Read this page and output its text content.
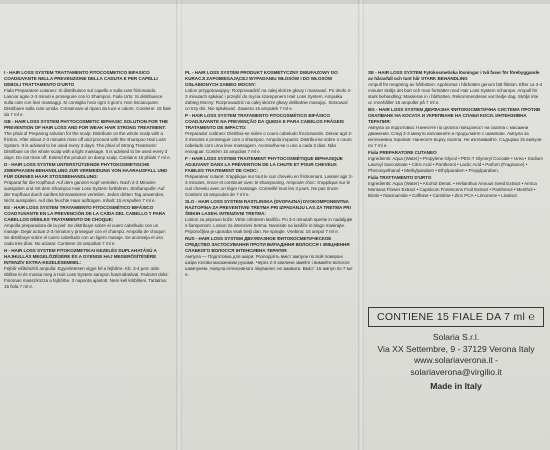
I - HAIR LOSS SYSTEM TRATTAMENTO FITOCOSMETICO BIFASICO COADIUVANTE NELLA PREVENZIONE DELLA CADUTA E PER CAPELLI DEBOLI TRATTAMENTO D'URTO
Fiala Preparatore cutaneo: Si distribuisce sul capello e sulla cute frizionando. Lasciar agire 2-3 minuti e proseguire con lo Shampoo. Fiala Urto: Si distribuisce sulla cute con lievi massaggi. Si consiglia l'uso ogni 3 giorni. Non risciacquare. Distribuire sulla cute umida. Conservare al riparo da luce e calore. Contiene: 15 fiale da 7 ml e.
GB - HAIR LOSS SYSTEM PHYTOCOSMETIC BIPHASIC SOLUTION FOR THE PREVENTION OF HAIR LOSS AND FOR WEAK HAIR STRONG TREATMENT:
The phial of Preparing solution for the scalp: Distribute on the whole scalp with a friction. After about 2-3 minutes rinse off and proceed with the shampoo Hair Loss System. It is advised to be used every 3 days. The phial of Strong Treatment: Distribute on the whole scalp with a light massage. It is advised to be used every 3 days. Do not rinse off. Extend the product on damp scalp. Contains 15 phials 7 ml e.
D - HAIR LOSS SYSTEM UNTERSTÜTZENDE PHYTOKOSMETISCHE ZWEIPHASEN-BEHANDLUNG ZUR VERMEIDUNG VON HAARAUSFALL UND FÜR DÜNNES HAAR STOSSBEHANDLUNG:
Präparat für die Kopfhaut: Auf dem ganzen Kopf verteilen. Nach 2-3 Minuten ausspülen und mit dem Shampoo Hair Loss System fortfahren. Stoßampulle: Auf der Kopfhaut durch sanftes Einmassieren verteilen. Jeden dritten Tag anwenden. Nicht ausspülen. Auf das feuchte Haar auftragen. Inhalt: 15 Ampullen 7 ml e.
ES - HAIR LOSS SYSTEM TRATAMIENTO FITOCOSMÉTICO BIFÁSICO COADYUVANTE EN LA PREVENCIÓN DE LA CAÍDA DEL CABELLO Y PARA CABELLOS DÉBILES TRATAMIENTO DE CHOQUE:
Ampolla preparadora de la piel: Se distribuye sobre el cuero cabelludo con un masaje. Dejar actuar 2-3 minutos y proseguir con el champú. Ampolla de choque: Se distribuye sobre el cuero cabelludo con un ligero masaje. Se aconseja el uso cada tres días. No aclarar. Contiene 15 ampollas 7 ml e.
H - HAIR LOSS SYSTEM FITOKOZMETIKAI KEZELÉS DUPLAHATÁSÚ A HAJHULLÁS MEGELŐZÉSÉRE ÉS A GYENGE HAJ MEGERŐSÍTÉSÉRE INTENZÍV EXTRA-KEZELÉSEMMEL:
Fejbőr előkészítő ampulla: Egyenletesen vigye fel a fejbőrre. Kb. 3-4 perc után öblítse ki és mossa meg a Hair Loss System sampon használatával. Fedezet dolis: Finoman masszírozza a fejbőrbe. 3 naponta ajánlott. Nem kell kiöblíteni. Tartalma: 15 fiola 7 ml e.
PL - HAIR LOSS SYSTEM PRODUKT KOSMETYCZNY DWUFAZOWY DO KURACJI ZAPOBIEGAJĄCEJ WYPADANIU WŁOSÓW I DO WŁOSÓW OSŁABIONYCH ZABIEG MOCNY:
Lotion przygotowujący: Rozprowadzić na całej skórze głowy i masować. Po około 2-3 minutach spłukać i przejść do mycia szamponem Hair Loss System. Ampułka Zabieg Mocny: Rozprowadzić na całej skórze głowy delikatnie masując. Stosować co trzy dni. Nie spłukiwać. Zawiera 15 ampułek 7 ml e.
P - HAIR LOSS SYSTEM TRATAMENTO FITOCOSMÉTICO BIFÁSICO COADJUVANTE NA PREVENÇÃO DA QUEDA E PARA CABELOS FRÁGEIS TRATAMENTO DE IMPACTO:
Preparador cutâneo: Distribui-se sobre o couro cabeludo friccionando. Deixar agir 2-3 minutos e prosseguir com o shampoo. Ampola impacto: Distribui-se sobre o couro cabeludo com uma leve massagem. Aconselha-se o uso a cada 3 dias. Não enxaguar. Contém 15 ampolas 7 ml e.
F - HAIR LOSS SYSTEM TRAITEMENT PHYTOCOSMÉTIQUE BIPHASIQUE ADJUVANT DANS LA PRÉVENTION DE LA CHUTE ET POUR CHEVEUX FAIBLES TRAITEMENT DE CHOC:
Préparateur cutané: S'applique sur tout le cuir chevelu en frictionnant. Laisser agir 2-3 minutes, rincer et continuer avec le shampooing. Ampoule choc: S'applique sur le cuir chevelu avec un léger massage. Conseillé tous les 3 jours. Ne pas rincer. Contient 15 ampoules de 7 ml e.
SLO - HAIR LOSS SYSTEM RASTLINSKA (DVOFAZNA) DVOKOMPONENTNA RAZTOPINA ZA PREVENTIVNI TRETMA PRI IZPADANJU LAS ZA TRETMA PRI ŠIBKIH LASEH. INTENZIVNI TRETMA:
Losion za pripravo kože: Vtrite celotnem lasišču. Po 3-4 minutah sperite in nadaljujte s šamponom. Losion za intenzivni tretma: Nanesite na lasišče in blago masirajte. Priporočljiva je uporaba vsak tretji dan. Ne spirajte. Vsebina: 15 ampul 7 ml e.
RUS - HAIR LOSS SYSTEM ДВУХФАЗНОЕ ФИТОКОСМЕТИЧЕСКОЕ СРЕДСТВО ЗАСТОСУВАННЯ ПРОТИ ВИПАДІННЯ ВОЛОССЯ І ЗМІЦНЕННЯ СЛАБКОГО ВОЛОССЯ ІНТЕНСИВНА ТЕРАПІЯ:
Ампула — Подготовка для шкіри: Розподіліть вміст ампули по всій поверхні шкіри голови масажними рухами. Через 2-3 хвилини змийте і вимийте волосся шампунем. Ампула інтенсивного лікування: не змивати. Вміст: 15 ампул по 7 мл e.
SE - HAIR LOSS SYSTEM Fytokosmetiska lösningar i två faser för förebyggande av håravfall och tunt hår STARK BEHANDLING
Ampull för rengöring av hårbotten: Appliceras i hårbotten genom lätt friktion. Efter ca 3-4 minuter sköljs det bort och man fortsätter med Hair Loss System schampo. Ampull för stark behandling: Masseras in i hårbotten. Rekommenderas var tredje dag. Sköljs inte ur. Innehåller 15 ampuller på 7 ml e.
BG - HAIR LOSS SYSTEM ДВУФАЗНА ФИТОКОСМЕТИЧНА СИСТЕМА ПРОТИВ ОКАПВАНЕ НА КОСАТА И УКРЕПВАНЕ НА СЛАБИ КОСИ. ИНТЕНЗИВНА ТЕРАПИЯ:
Ампула за подготовка: Нанесете по цялата повърхност на скалпа с масажни движения. След 2-3 минути изплакнете и продължете с шампоан. Ампула за интензивна терапия: Нанесете върху скалпа. Не изплаквайте. Съдържа 15 ампули по 7 ml e.
Fiala PREPARATORE CUTANEO
Ingredients: Aqua (Water) • Propylene Glycol • PEG-7 Glyceryl Cocoate • Urea • Sodium Lauroyl Sarcosinate • Citric Acid • Panthenol • Lactic Acid • Parfum (Fragrance) • Phenoxyethanol • Methylparaben • Ethylparaben • Propylparaben.
Fiala TRATTAMENTO D'URTO
Ingredients: Aqua (Water) • Alcohol Denat. • Helianthus Annuus Seed Extract • Arnica Montana Flower Extract • Capsicum Frutescens Fruit Extract • Panthenol • Menthol • Biotin • Niacinamide • Caffeine • Carnitine • Zinc PCA • Limonene • Linalool.
CONTIENE 15 FIALE DA 7 ml ℮
Solaria S.r.l.
Via XX Settembre, 9 - 37129 Verona Italy
www.solariaverona.it - solariaverona@virgilio.it
Made in Italy
